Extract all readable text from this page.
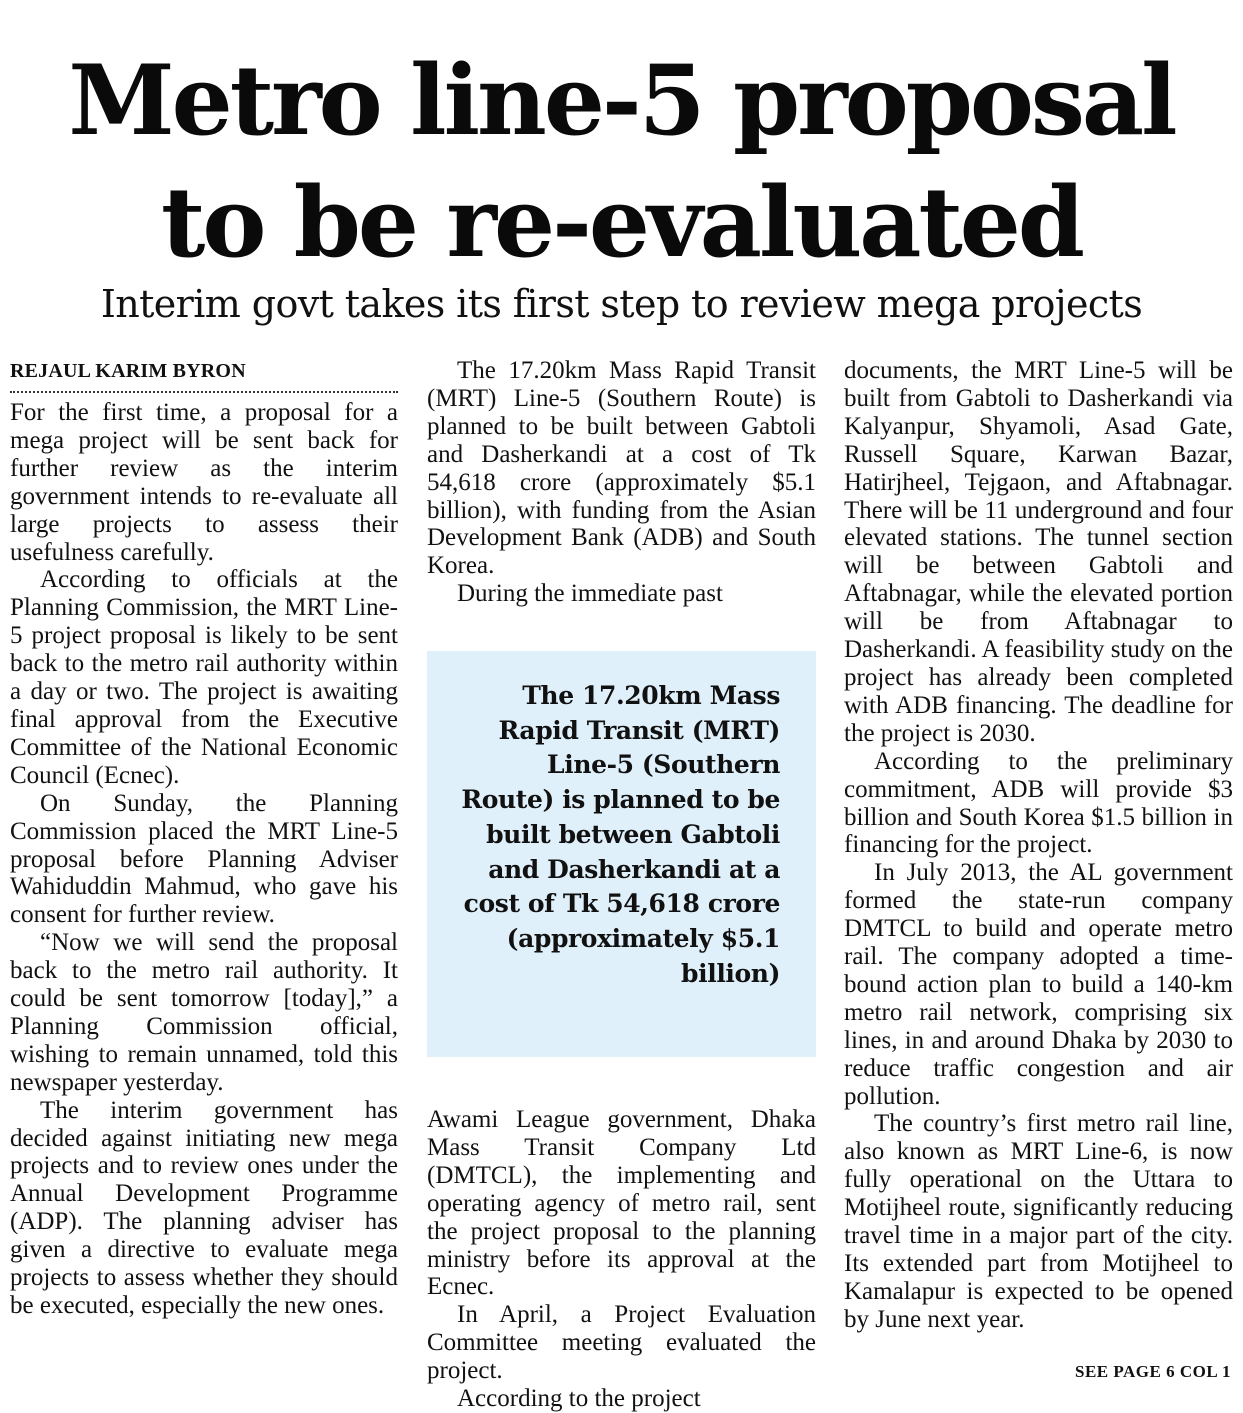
Metro line-5 proposal
to be re-evaluated
Interim govt takes its first step to review mega projects
REJAUL KARIM BYRON

For the first time, a proposal for a mega project will be sent back for further review as the interim government intends to re-evaluate all large projects to assess their usefulness carefully.

According to officials at the Planning Commission, the MRT Line-5 project proposal is likely to be sent back to the metro rail authority within a day or two. The project is awaiting final approval from the Executive Committee of the National Economic Council (Ecnec).

On Sunday, the Planning Commission placed the MRT Line-5 proposal before Planning Adviser Wahiduddin Mahmud, who gave his consent for further review.

“Now we will send the proposal back to the metro rail authority. It could be sent tomorrow [today],” a Planning Commission official, wishing to remain unnamed, told this newspaper yesterday.

The interim government has decided against initiating new mega projects and to review ones under the Annual Development Programme (ADP). The planning adviser has given a directive to evaluate mega projects to assess whether they should be executed, especially the new ones.

The 17.20km Mass Rapid Transit (MRT) Line-5 (Southern Route) is planned to be built between Gabtoli and Dasherkandi at a cost of Tk 54,618 crore (approximately $5.1 billion), with funding from the Asian Development Bank (ADB) and South Korea.

During the immediate past

The 17.20km Mass Rapid Transit (MRT) Line-5 (Southern Route) is planned to be built between Gabtoli and Dasherkandi at a cost of Tk 54,618 crore (approximately $5.1 billion)

Awami League government, Dhaka Mass Transit Company Ltd (DMTCL), the implementing and operating agency of metro rail, sent the project proposal to the planning ministry before its approval at the Ecnec.

In April, a Project Evaluation Committee meeting evaluated the project.

According to the project

documents, the MRT Line-5 will be built from Gabtoli to Dasherkandi via Kalyanpur, Shyamoli, Asad Gate, Russell Square, Karwan Bazar, Hatirjheel, Tejgaon, and Aftabnagar. There will be 11 underground and four elevated stations. The tunnel section will be between Gabtoli and Aftabnagar, while the elevated portion will be from Aftabnagar to Dasherkandi. A feasibility study on the project has already been completed with ADB financing. The deadline for the project is 2030.

According to the preliminary commitment, ADB will provide $3 billion and South Korea $1.5 billion in financing for the project.

In July 2013, the AL government formed the state-run company DMTCL to build and operate metro rail. The company adopted a time-bound action plan to build a 140-km metro rail network, comprising six lines, in and around Dhaka by 2030 to reduce traffic congestion and air pollution.

The country’s first metro rail line, also known as MRT Line-6, is now fully operational on the Uttara to Motijheel route, significantly reducing travel time in a major part of the city. Its extended part from Motijheel to Kamalapur is expected to be opened by June next year.

SEE PAGE 6 COL 1
